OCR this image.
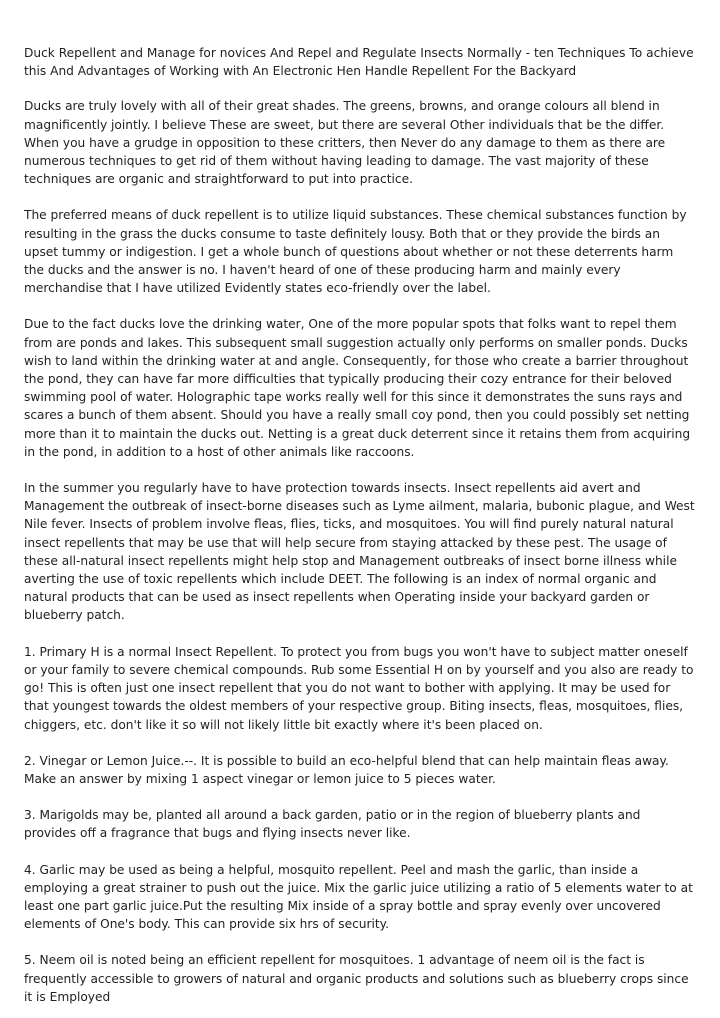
Duck Repellent and Manage for novices And Repel and Regulate Insects Normally - ten Techniques To achieve this And Advantages of Working with An Electronic Hen Handle Repellent For the Backyard

Ducks are truly lovely with all of their great shades. The greens, browns, and orange colours all blend in magnificently jointly. I believe These are sweet, but there are several Other individuals that be the differ. When you have a grudge in opposition to these critters, then Never do any damage to them as there are numerous techniques to get rid of them without having leading to damage. The vast majority of these techniques are organic and straightforward to put into practice.

The preferred means of duck repellent is to utilize liquid substances. These chemical substances function by resulting in the grass the ducks consume to taste definitely lousy. Both that or they provide the birds an upset tummy or indigestion. I get a whole bunch of questions about whether or not these deterrents harm the ducks and the answer is no. I haven't heard of one of these producing harm and mainly every merchandise that I have utilized Evidently states eco-friendly over the label.

Due to the fact ducks love the drinking water, One of the more popular spots that folks want to repel them from are ponds and lakes. This subsequent small suggestion actually only performs on smaller ponds. Ducks wish to land within the drinking water at and angle. Consequently, for those who create a barrier throughout the pond, they can have far more difficulties that typically producing their cozy entrance for their beloved swimming pool of water. Holographic tape works really well for this since it demonstrates the suns rays and scares a bunch of them absent. Should you have a really small coy pond, then you could possibly set netting more than it to maintain the ducks out. Netting is a great duck deterrent since it retains them from acquiring in the pond, in addition to a host of other animals like raccoons.

In the summer you regularly have to have protection towards insects. Insect repellents aid avert and Management the outbreak of insect-borne diseases such as Lyme ailment, malaria, bubonic plague, and West Nile fever. Insects of problem involve fleas, flies, ticks, and mosquitoes. You will find purely natural natural insect repellents that may be use that will help secure from staying attacked by these pest. The usage of these all-natural insect repellents might help stop and Management outbreaks of insect borne illness while averting the use of toxic repellents which include DEET. The following is an index of normal organic and natural products that can be used as insect repellents when Operating inside your backyard garden or blueberry patch.

1. Primary H is a normal Insect Repellent. To protect you from bugs you won't have to subject matter oneself or your family to severe chemical compounds. Rub some Essential H on by yourself and you also are ready to go! This is often just one insect repellent that you do not want to bother with applying. It may be used for that youngest towards the oldest members of your respective group. Biting insects, fleas, mosquitoes, flies, chiggers, etc. don't like it so will not likely little bit exactly where it's been placed on.

2. Vinegar or Lemon Juice.--. It is possible to build an eco-helpful blend that can help maintain fleas away. Make an answer by mixing 1 aspect vinegar or lemon juice to 5 pieces water.

3. Marigolds may be, planted all around a back garden, patio or in the region of blueberry plants and provides off a fragrance that bugs and flying insects never like.

4. Garlic may be used as being a helpful, mosquito repellent. Peel and mash the garlic, than inside a employing a great strainer to push out the juice. Mix the garlic juice utilizing a ratio of 5 elements water to at least one part garlic juice.Put the resulting Mix inside of a spray bottle and spray evenly over uncovered elements of One's body. This can provide six hrs of security.

5. Neem oil is noted being an efficient repellent for mosquitoes. 1 advantage of neem oil is the fact is frequently accessible to growers of natural and organic products and solutions such as blueberry crops since it is Employed
